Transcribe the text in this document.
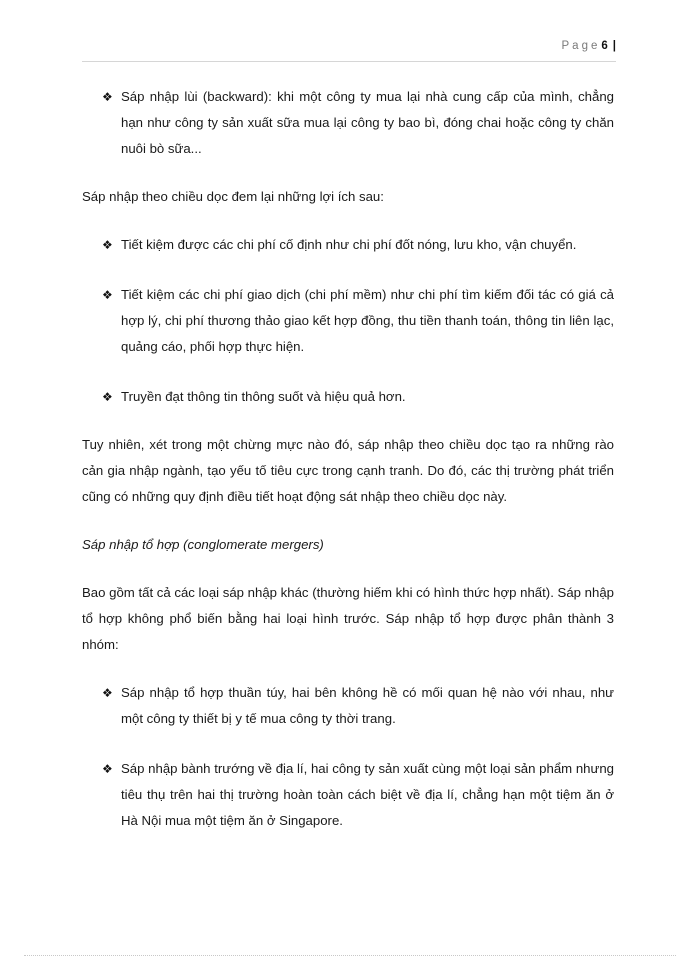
Page 6 |
❖ Sáp nhập lùi (backward): khi một công ty mua lại nhà cung cấp của mình, chẳng hạn như công ty sản xuất sữa mua lại công ty bao bì, đóng chai hoặc công ty chăn nuôi bò sữa...

Sáp nhập theo chiều dọc đem lại những lợi ích sau:

❖ Tiết kiệm được các chi phí cố định như chi phí đốt nóng, lưu kho, vận chuyển.
❖ Tiết kiệm các chi phí giao dịch (chi phí mềm) như chi phí tìm kiếm đối tác có giá cả hợp lý, chi phí thương thảo giao kết hợp đồng, thu tiền thanh toán, thông tin liên lạc, quảng cáo, phối hợp thực hiện.
❖ Truyền đạt thông tin thông suốt và hiệu quả hơn.

Tuy nhiên, xét trong một chừng mực nào đó, sáp nhập theo chiều dọc tạo ra những rào cản gia nhập ngành, tạo yếu tố tiêu cực trong cạnh tranh. Do đó, các thị trường phát triển cũng có những quy định điều tiết hoạt động sát nhập theo chiều dọc này.

Sáp nhập tổ hợp (conglomerate mergers)

Bao gồm tất cả các loại sáp nhập khác (thường hiếm khi có hình thức hợp nhất). Sáp nhập tổ hợp không phổ biến bằng hai loại hình trước. Sáp nhập tổ hợp được phân thành 3 nhóm:

❖ Sáp nhập tổ hợp thuần túy, hai bên không hề có mối quan hệ nào với nhau, như một công ty thiết bị y tế mua công ty thời trang.
❖ Sáp nhập bành trướng về địa lí, hai công ty sản xuất cùng một loại sản phẩm nhưng tiêu thụ trên hai thị trường hoàn toàn cách biệt về địa lí, chẳng hạn một tiệm ăn ở Hà Nội mua một tiệm ăn ở Singapore.
